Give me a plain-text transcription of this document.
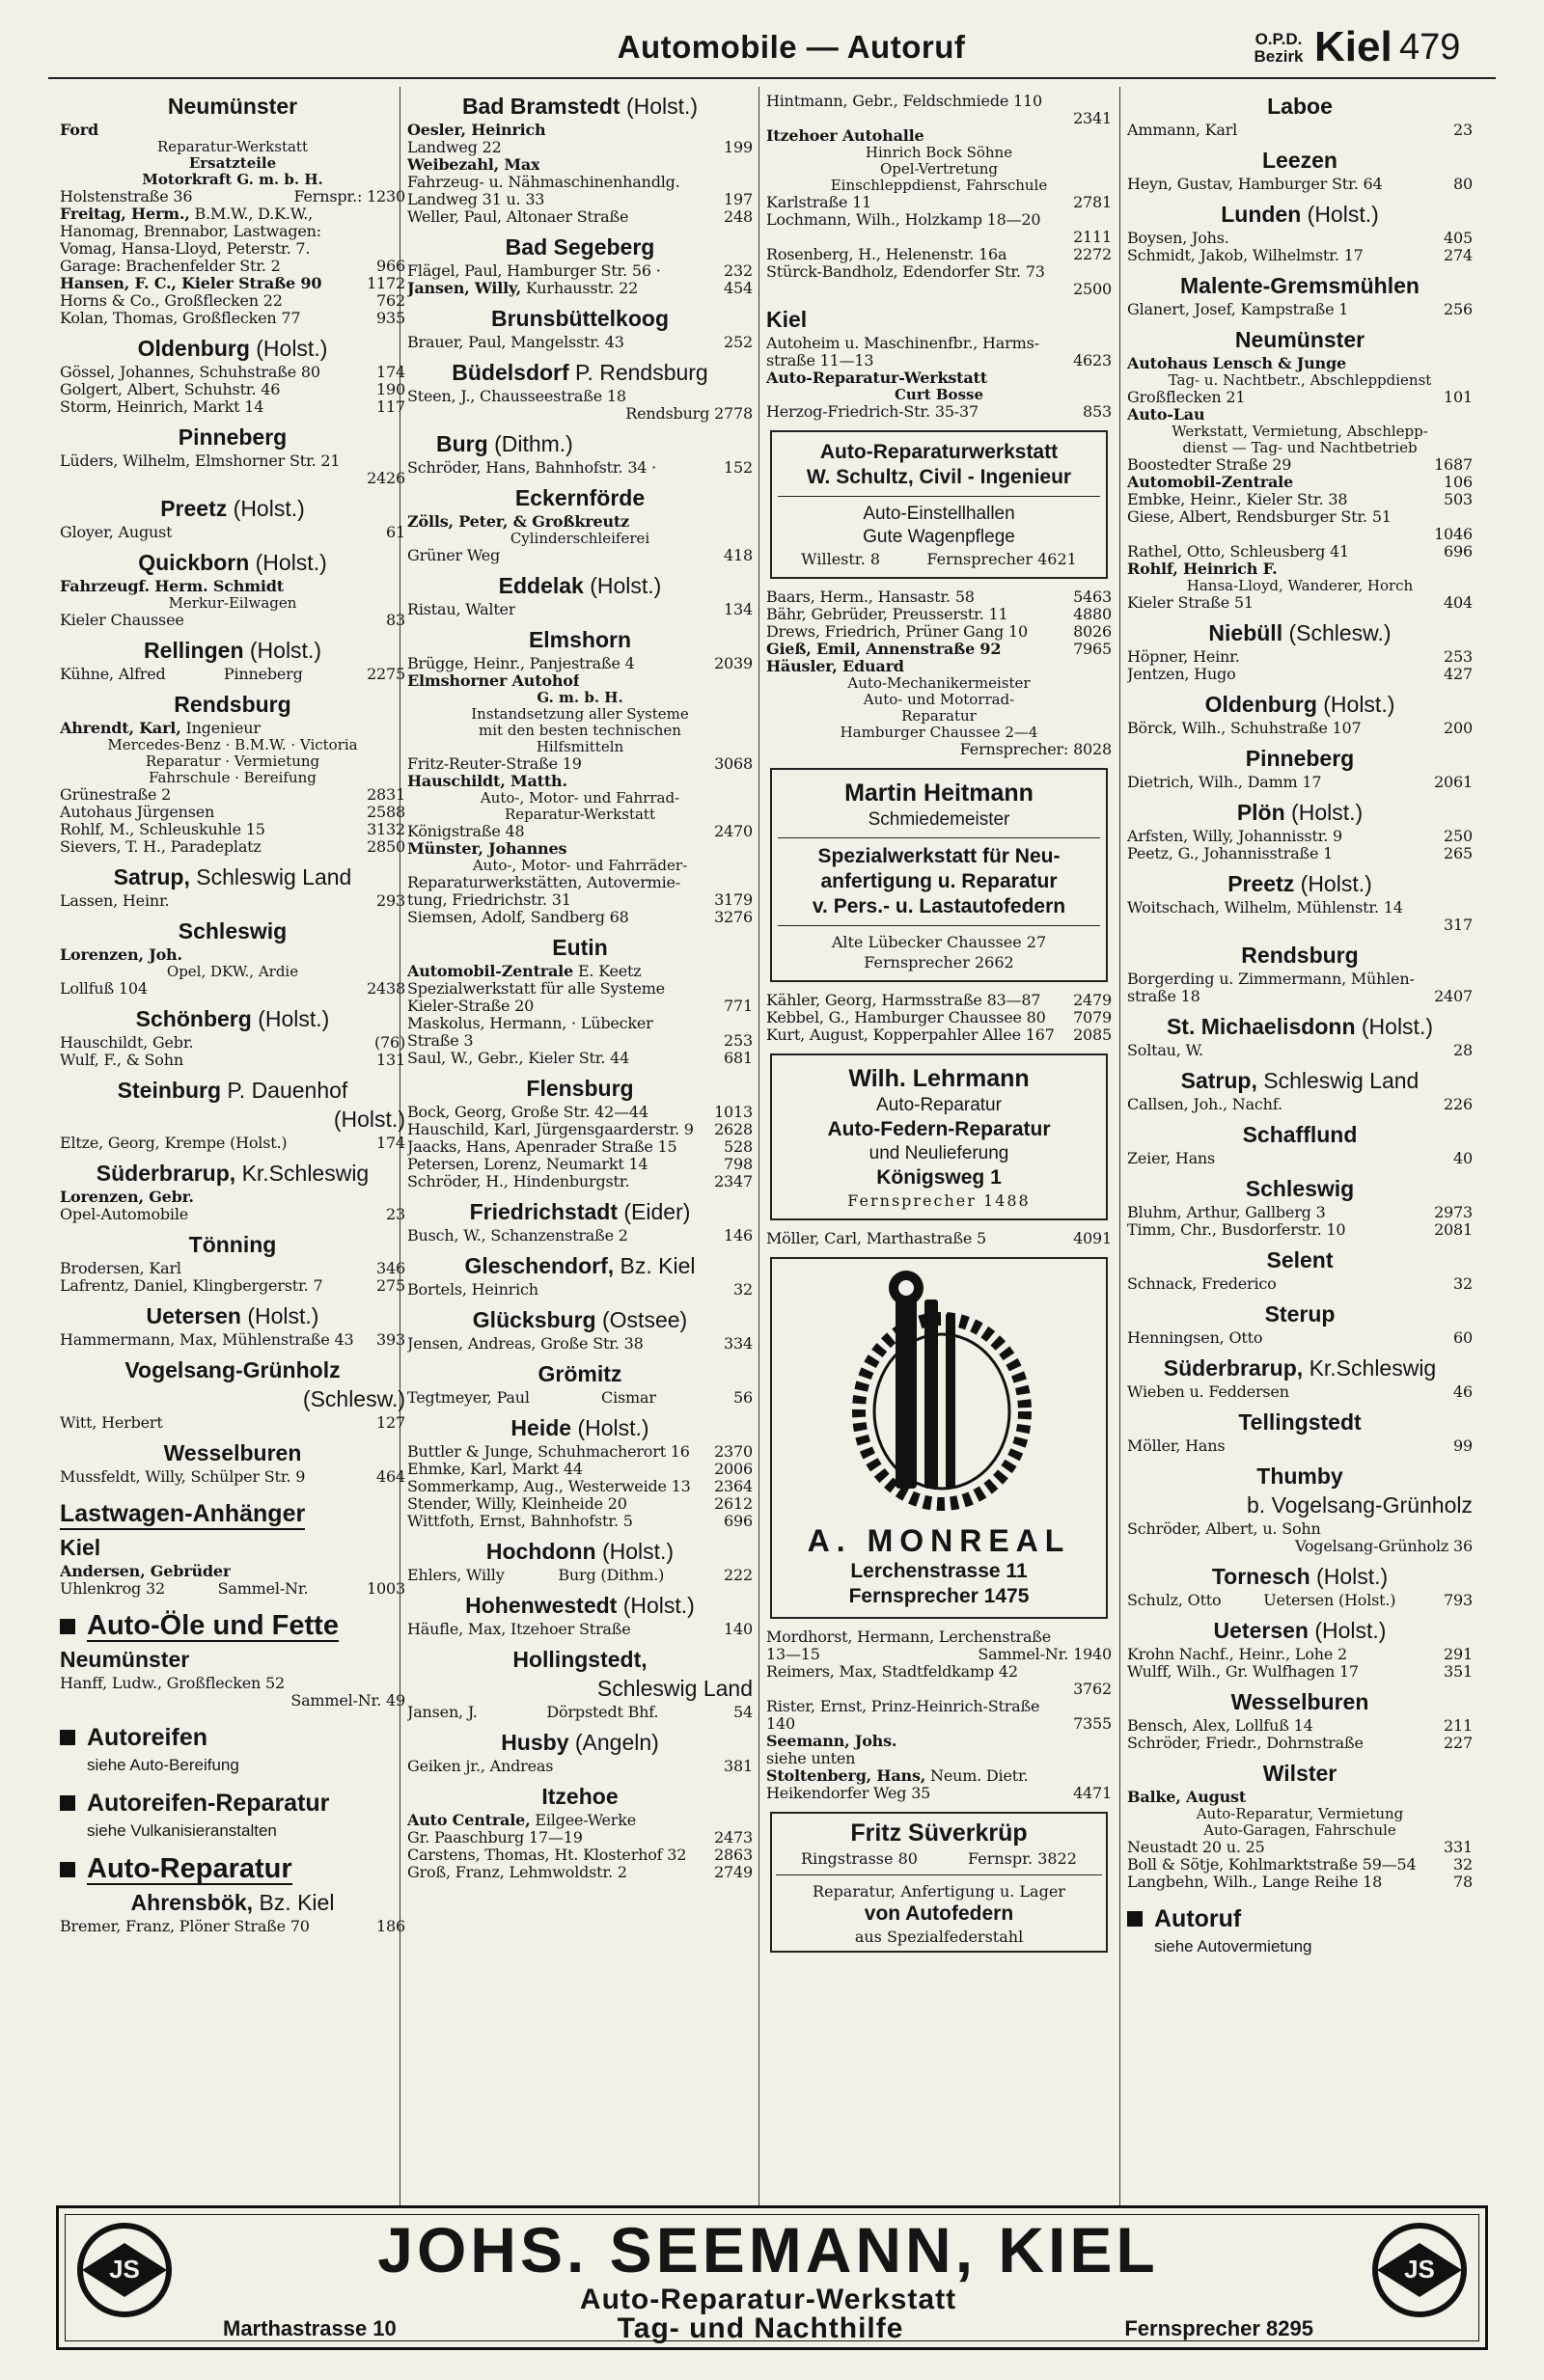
Automobile — Autoruf	O.P.D.
Bezirk Kiel 479
Neumünster
Ford
Reparatur-Werkstatt
Ersatzteile
Motorkraft G. m. b. H.
Holstenstraße 36	Fernspr.: 1230
Freitag, Herm., B.M.W., D.K.W.,
Hanomag, Brennabor, Lastwagen:
Vomag, Hansa-Lloyd, Peterstr. 7.
Garage: Brachenfelder Str. 2	966
Hansen, F. C., Kieler Straße 90	1172
Horns & Co., Großflecken 22	762
Kolan, Thomas, Großflecken 77	935
Oldenburg (Holst.)
Gössel, Johannes, Schuhstraße 80	174
Golgert, Albert, Schuhstr. 46	190
Storm, Heinrich, Markt 14	117
Pinneberg
Lüders, Wilhelm, Elmshorner Str. 21
2426
Preetz (Holst.)
Gloyer, August	61
Quickborn (Holst.)
Fahrzeugf. Herm. Schmidt
Merkur-Eilwagen
Kieler Chaussee	83
Rellingen (Holst.)
Kühne, Alfred	Pinneberg	2275
Rendsburg
Ahrendt, Karl, Ingenieur
Mercedes-Benz · B.M.W. · Victoria
Reparatur · Vermietung
Fahrschule · Bereifung
Grünestraße 2	2831
Autohaus Jürgensen	2588
Rohlf, M., Schleuskuhle 15	3132
Sievers, T. H., Paradeplatz	2850
Satrup, Schleswig Land
Lassen, Heinr.	293
Schleswig
Lorenzen, Joh.
Opel, DKW., Ardie
Lollfuß 104	2438
Schönberg (Holst.)
Hauschildt, Gebr.	(76)
Wulf, F., & Sohn	131
Steinburg P. Dauenhof
(Holst.)
Eltze, Georg, Krempe (Holst.)	174
Süderbrarup, Kr.Schleswig
Lorenzen, Gebr.
Opel-Automobile	23
Tönning
Brodersen, Karl	346
Lafrentz, Daniel, Klingbergerstr. 7	275
Uetersen (Holst.)
Hammermann, Max, Mühlenstraße 43	393
Vogelsang-Grünholz
(Schlesw.)
Witt, Herbert	127
Wesselburen
Mussfeldt, Willy, Schülper Str. 9	464
Lastwagen-Anhänger
Kiel
Andersen, Gebrüder
Uhlenkrog 32	Sammel-Nr.	1003
Auto-Öle und Fette
Neumünster
Hanff, Ludw., Großflecken 52
Sammel-Nr. 49
Autoreifen
siehe Auto-Bereifung
Autoreifen-Reparatur
siehe Vulkanisieranstalten
Auto-Reparatur
Ahrensbök, Bz. Kiel
Bremer, Franz, Plöner Straße 70	186
Bad Bramstedt (Holst.)
Oesler, Heinrich
Landweg 22	199
Weibezahl, Max
Fahrzeug- u. Nähmaschinenhandlg.
Landweg 31 u. 33	197
Weller, Paul, Altonaer Straße	248
Bad Segeberg
Flägel, Paul, Hamburger Str. 56 ·	232
Jansen, Willy, Kurhausstr. 22	454
Brunsbüttelkoog
Brauer, Paul, Mangelsstr. 43	252
Büdelsdorf P. Rendsburg
Steen, J., Chausseestraße 18
Rendsburg 2778
Burg (Dithm.)
Schröder, Hans, Bahnhofstr. 34 ·	152
Eckernförde
Zölls, Peter, & Großkreutz
Cylinderschleiferei
Grüner Weg	418
Eddelak (Holst.)
Ristau, Walter	134
Elmshorn
Brügge, Heinr., Panjestraße 4	2039
Elmshorner Autohof
G. m. b. H.
Instandsetzung aller Systeme
mit den besten technischen
Hilfsmitteln
Fritz-Reuter-Straße 19	3068
Hauschildt, Matth.
Auto-, Motor- und Fahrrad-
Reparatur-Werkstatt
Königstraße 48	2470
Münster, Johannes
Auto-, Motor- und Fahrräder-
Reparaturwerkstätten, Autovermie-
tung, Friedrichstr. 31	3179
Siemsen, Adolf, Sandberg 68	3276
Eutin
Automobil-Zentrale E. Keetz
Spezialwerkstatt für alle Systeme
Kieler-Straße 20	771
Maskolus, Hermann, · Lübecker
Straße 3	253
Saul, W., Gebr., Kieler Str. 44	681
Flensburg
Bock, Georg, Große Str. 42—44	1013
Hauschild, Karl, Jürgensgaarderstr. 9	2628
Jaacks, Hans, Apenrader Straße 15	528
Petersen, Lorenz, Neumarkt 14	798
Schröder, H., Hindenburgstr.	2347
Friedrichstadt (Eider)
Busch, W., Schanzenstraße 2	146
Gleschendorf, Bz. Kiel
Bortels, Heinrich	32
Glücksburg (Ostsee)
Jensen, Andreas, Große Str. 38	334
Grömitz
Tegtmeyer, Paul	Cismar	56
Heide (Holst.)
Buttler & Junge, Schuhmacherort 16	2370
Ehmke, Karl, Markt 44	2006
Sommerkamp, Aug., Westerweide 13	2364
Stender, Willy, Kleinheide 20	2612
Wittfoth, Ernst, Bahnhofstr. 5	696
Hochdonn (Holst.)
Ehlers, Willy	Burg (Dithm.)	222
Hohenwestedt (Holst.)
Häufle, Max, Itzehoer Straße	140
Hollingstedt,
Schleswig Land
Jansen, J.	Dörpstedt Bhf.	54
Husby (Angeln)
Geiken jr., Andreas	381
Itzehoe
Auto Centrale, Eilgee-Werke
Gr. Paaschburg 17—19	2473
Carstens, Thomas, Ht. Klosterhof 32	2863
Groß, Franz, Lehmwoldstr. 2	2749
Hintmann, Gebr., Feldschmiede 110
2341
Itzehoer Autohalle
Hinrich Bock Söhne
Opel-Vertretung
Einschleppdienst, Fahrschule
Karlstraße 11	2781
Lochmann, Wilh., Holzkamp 18—20
2111
Rosenberg, H., Helenenstr. 16a	2272
Stürck-Bandholz, Edendorfer Str. 73
2500
Kiel
Autoheim u. Maschinenfbr., Harms-
straße 11—13	4623
Auto-Reparatur-Werkstatt
Curt Bosse
Herzog-Friedrich-Str. 35-37	853
Auto-Reparaturwerkstatt
W. Schultz, Civil - Ingenieur
Auto-Einstellhallen
Gute Wagenpflege
Willestr. 8	Fernsprecher 4621
Baars, Herm., Hansastr. 58	5463
Bähr, Gebrüder, Preusserstr. 11	4880
Drews, Friedrich, Prüner Gang 10	8026
Gieß, Emil, Annenstraße 92	7965
Häusler, Eduard
Auto-Mechanikermeister
Auto- und Motorrad-
Reparatur
Hamburger Chaussee 2—4
Fernsprecher: 8028
Martin Heitmann
Schmiedemeister
Spezialwerkstatt für Neu-
anfertigung u. Reparatur
v. Pers.- u. Lastautofedern
Alte Lübecker Chaussee 27
Fernsprecher 2662
Kähler, Georg, Harmsstraße 83—87	2479
Kebbel, G., Hamburger Chaussee 80	7079
Kurt, August, Kopperpahler Allee 167	2085
Wilh. Lehrmann
Auto-Reparatur
Auto-Federn-Reparatur
und Neulieferung
Königsweg 1
Fernsprecher 1488
Möller, Carl, Marthastraße 5	4091
A. MONREAL
Lerchenstrasse 11
Fernsprecher 1475
Mordhorst, Hermann, Lerchenstraße
13—15	Sammel-Nr. 1940
Reimers, Max, Stadtfeldkamp 42
3762
Rister, Ernst, Prinz-Heinrich-Straße
140	7355
Seemann, Johs.
siehe unten
Stoltenberg, Hans, Neum. Dietr.
Heikendorfer Weg 35	4471
Fritz Süverkrüp
Ringstrasse 80	Fernspr. 3822
Reparatur, Anfertigung u. Lager
von Autofedern
aus Spezialfederstahl
Laboe
Ammann, Karl	23
Leezen
Heyn, Gustav, Hamburger Str. 64	80
Lunden (Holst.)
Boysen, Johs.	405
Schmidt, Jakob, Wilhelmstr. 17	274
Malente-Gremsmühlen
Glanert, Josef, Kampstraße 1	256
Neumünster
Autohaus Lensch & Junge
Tag- u. Nachtbetr., Abschleppdienst
Großflecken 21	101
Auto-Lau
Werkstatt, Vermietung, Abschlepp-
dienst — Tag- und Nachtbetrieb
Boostedter Straße 29	1687
Automobil-Zentrale	106
Embke, Heinr., Kieler Str. 38	503
Giese, Albert, Rendsburger Str. 51
1046
Rathel, Otto, Schleusberg 41	696
Rohlf, Heinrich F.
Hansa-Lloyd, Wanderer, Horch
Kieler Straße 51	404
Niebüll (Schlesw.)
Höpner, Heinr.	253
Jentzen, Hugo	427
Oldenburg (Holst.)
Börck, Wilh., Schuhstraße 107	200
Pinneberg
Dietrich, Wilh., Damm 17	2061
Plön (Holst.)
Arfsten, Willy, Johannisstr. 9	250
Peetz, G., Johannisstraße 1	265
Preetz (Holst.)
Woitschach, Wilhelm, Mühlenstr. 14
317
Rendsburg
Borgerding u. Zimmermann, Mühlen-
straße 18	2407
St. Michaelisdonn (Holst.)
Soltau, W.	28
Satrup, Schleswig Land
Callsen, Joh., Nachf.	226
Schafflund
Zeier, Hans	40
Schleswig
Bluhm, Arthur, Gallberg 3	2973
Timm, Chr., Busdorferstr. 10	2081
Selent
Schnack, Frederico	32
Sterup
Henningsen, Otto	60
Süderbrarup, Kr.Schleswig
Wieben u. Feddersen	46
Tellingstedt
Möller, Hans	99
Thumby
b. Vogelsang-Grünholz
Schröder, Albert, u. Sohn
Vogelsang-Grünholz 36
Tornesch (Holst.)
Schulz, Otto	Uetersen (Holst.)	793
Uetersen (Holst.)
Krohn Nachf., Heinr., Lohe 2	291
Wulff, Wilh., Gr. Wulfhagen 17	351
Wesselburen
Bensch, Alex, Lollfuß 14	211
Schröder, Friedr., Dohrnstraße	227
Wilster
Balke, August
Auto-Reparatur, Vermietung
Auto-Garagen, Fahrschule
Neustadt 20 u. 25	331
Boll & Sötje, Kohlmarktstraße 59—54	32
Langbehn, Wilh., Lange Reihe 18	78
Autoruf
siehe Autovermietung
JS	JS
JOHS. SEEMANN, KIEL
Auto-Reparatur-Werkstatt
Marthastrasse 10	Tag- und Nachthilfe	Fernsprecher 8295
